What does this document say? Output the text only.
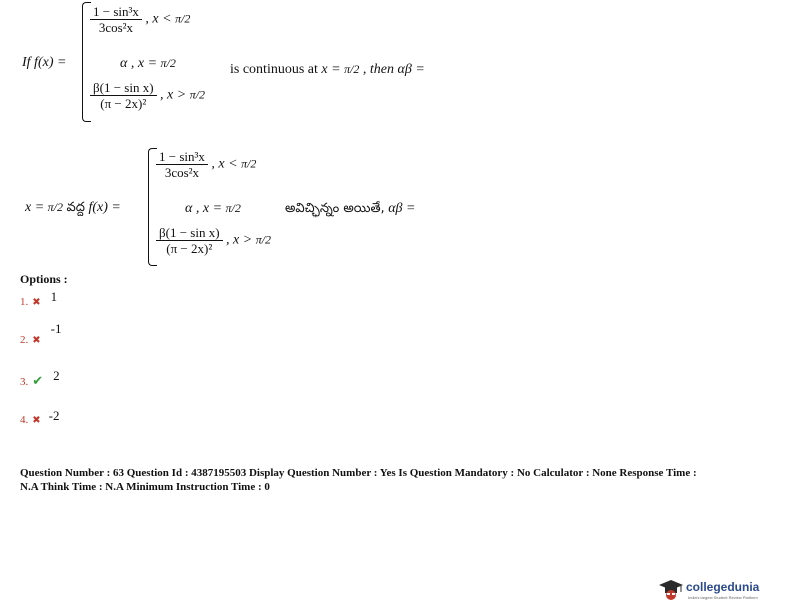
If f(x) =
$\frac{\text{1 − sin³x}}{\text{3cos²x}}$ , x < π/2
α , x = π/2
$\frac{\text{β(1 − sin x)}}{\text{(π − 2x)²}}$ , x > π/2
is continuous at x = π/2 , then αβ =
x = π/2 వద్ద f(x) =
$\frac{\text{1 − sin³x}}{\text{3cos²x}}$ , x < π/2
α , x = π/2
$\frac{\text{β(1 − sin x)}}{\text{(π − 2x)²}}$ , x > π/2
అవిచ్ఛిన్నం అయితే, αβ =
Options :
1. ✖ $^1$
2. ✖ $^{-1}$
3. ✔ $^2$
4. ✖ -2
Question Number : 63 Question Id : 4387195503 Display Question Number : Yes Is Question Mandatory : No Calculator : None Response Time :
N.A Think Time : N.A Minimum Instruction Time : 0
collegedunia
India's largest Student Review Platform
